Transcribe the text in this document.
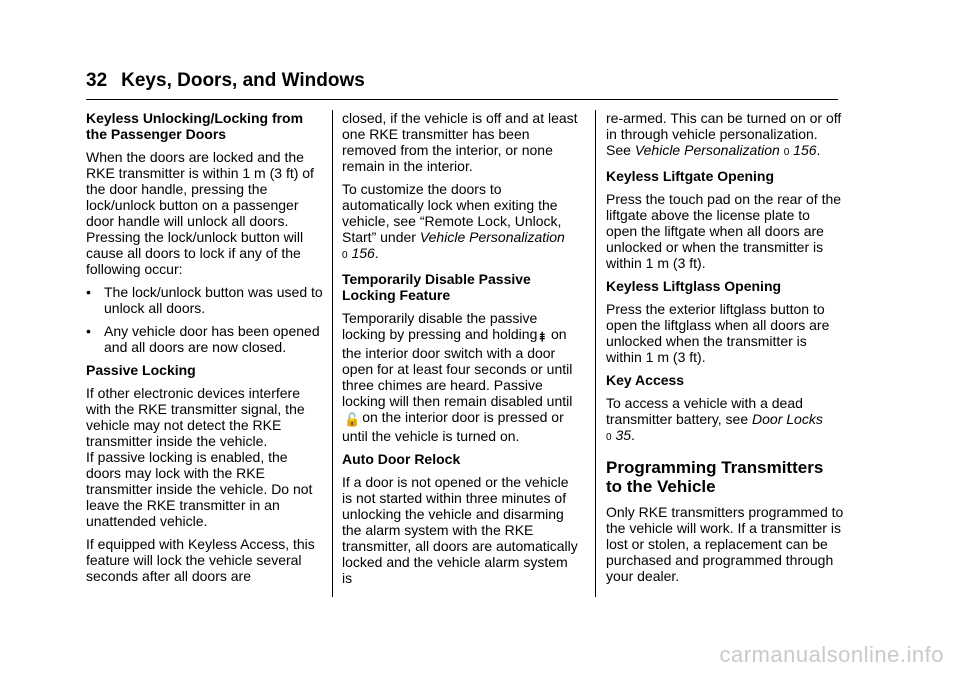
32 Keys, Doors, and Windows
Keyless Unlocking/Locking from the Passenger Doors

When the doors are locked and the RKE transmitter is within 1 m (3 ft) of the door handle, pressing the lock/unlock button on a passenger door handle will unlock all doors. Pressing the lock/unlock button will cause all doors to lock if any of the following occur:

• The lock/unlock button was used to unlock all doors.
• Any vehicle door has been opened and all doors are now closed.
Passive Locking

If other electronic devices interfere with the RKE transmitter signal, the vehicle may not detect the RKE transmitter inside the vehicle.

If passive locking is enabled, the doors may lock with the RKE transmitter inside the vehicle. Do not leave the RKE transmitter in an unattended vehicle.

If equipped with Keyless Access, this feature will lock the vehicle several seconds after all doors are

closed, if the vehicle is off and at least one RKE transmitter has been removed from the interior, or none remain in the interior.

To customize the doors to automatically lock when exiting the vehicle, see “Remote Lock, Unlock, Start” under Vehicle Personalization
0 156.

Temporarily Disable Passive Locking Feature

Temporarily disable the passive locking by pressing and holding ⯒ on the interior door switch with a door open for at least four seconds or until three chimes are heard. Passive locking will then remain disabled until🔓 on the interior door is pressed or until the vehicle is turned on.

Auto Door Relock

If a door is not opened or the vehicle is not started within three minutes of unlocking the vehicle and disarming the alarm system with the RKE transmitter, all doors are automatically locked and the vehicle alarm system is

re-armed. This can be turned on or off in through vehicle personalization. See Vehicle Personalization 0 156.

Keyless Liftgate Opening

Press the touch pad on the rear of the liftgate above the license plate to open the liftgate when all doors are unlocked or when the transmitter is within 1 m (3 ft).

Keyless Liftglass Opening

Press the exterior liftglass button to open the liftglass when all doors are unlocked when the transmitter is within 1 m (3 ft).

Key Access

To access a vehicle with a dead transmitter battery, see Door Locks
0 35.

Programming Transmitters to the Vehicle

Only RKE transmitters programmed to the vehicle will work. If a transmitter is lost or stolen, a replacement can be purchased and programmed through your dealer.

carmanualsonline.info
